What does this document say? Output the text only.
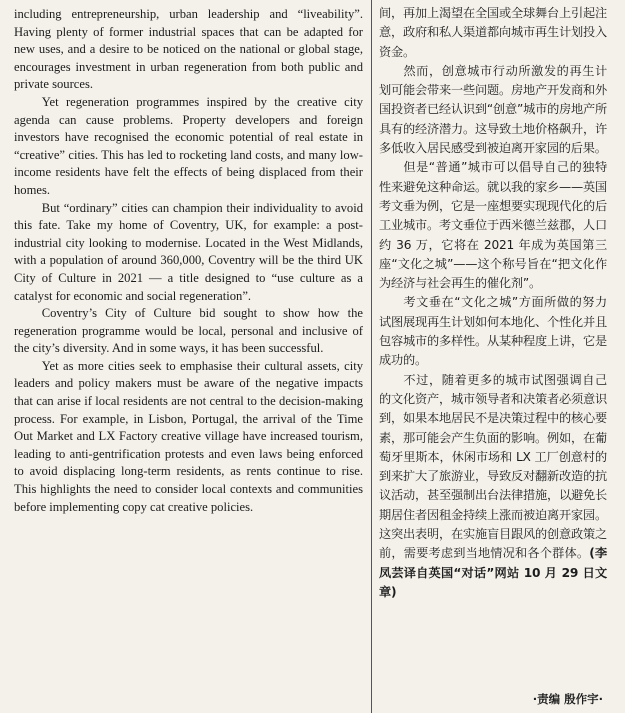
including entrepreneurship, urban leadership and “liveability”. Having plenty of former industrial spaces that can be adapted for new uses, and a desire to be noticed on the national or global stage, encourages investment in urban regeneration from both public and private sources.

Yet regeneration programmes inspired by the creative city agenda can cause problems. Property developers and foreign investors have recognised the economic potential of real estate in “creative” cities. This has led to rocketing land costs, and many low-income residents have felt the effects of being displaced from their homes.

But “ordinary” cities can champion their individuality to avoid this fate. Take my home of Coventry, UK, for example: a post-industrial city looking to modernise. Located in the West Midlands, with a population of around 360,000, Coventry will be the third UK City of Culture in 2021 — a title designed to “use culture as a catalyst for economic and social regeneration”.

Coventry’s City of Culture bid sought to show how the regeneration programme would be local, personal and inclusive of the city’s diversity. And in some ways, it has been successful.

Yet as more cities seek to emphasise their cultural assets, city leaders and policy makers must be aware of the negative impacts that can arise if local residents are not central to the decision-making process. For example, in Lisbon, Portugal, the arrival of the Time Out Market and LX Factory creative village have increased tourism, leading to anti-gentrification protests and even laws being enforced to avoid displacing long-term residents, as rents continue to rise. This highlights the need to consider local contexts and communities before implementing copy cat creative policies.

间，再加上渴望在全国或全球舞台上引起注意，政府和私人渠道都向城市再生计划投入资金。

然而，创意城市行动所激发的再生计划可能会带来一些问题。房地产开发商和外国投资者已经认识到“创意”城市的房地产所具有的经济潜力。这导致土地价格飙升，许多低收入居民感受到被迫离开家园的后果。

但是“普通”城市可以倡导自己的独特性来避免这种命运。就以我的家乡——英国考文垂为例，它是一座想要实现现代化的后工业城市。考文垂位于西米德兰兹郡，人口约 36 万，它将在 2021 年成为英国第三座“文化之城”——这个称号旨在“把文化作为经济与社会再生的催化剂”。

考文垂在“文化之城”方面所做的努力试图展现再生计划如何本地化、个性化并且包容城市的多样性。从某种程度上讲，它是成功的。

不过，随着更多的城市试图强调自己的文化资产，城市领导者和决策者必须意识到，如果本地居民不是决策过程中的核心要素，那可能会产生负面的影响。例如，在葡萄牙里斯本，休闲市场和 LX 工厂创意村的到来扩大了旅游业，导致反对翻新改造的抗议活动，甚至强制出台法律措施，以避免长期居住者因租金持续上涨而被迫离开家园。这突出表明，在实施盲目跟风的创意政策之前，需要考虑到当地情况和各个群体。(李凤芸译自英国“对话”网站 10 月 29 日文章)

·责编 殷作宇·
